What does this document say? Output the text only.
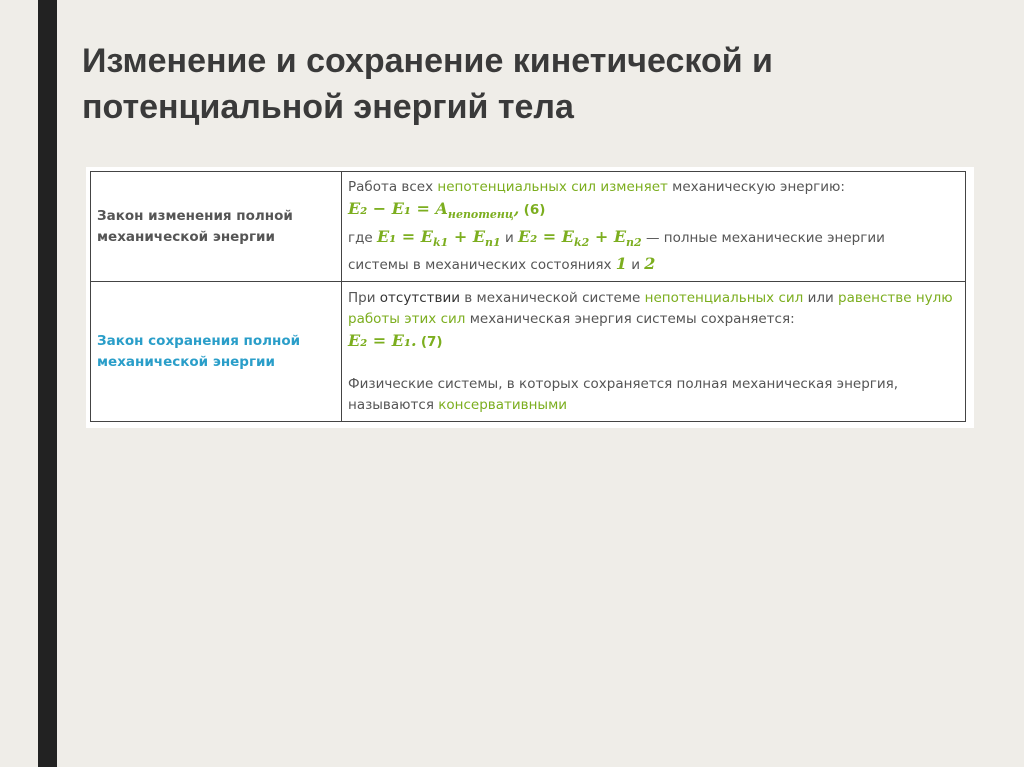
Изменение и сохранение кинетической и потенциальной энергий тела
Закон изменения полной механической энергии	Работа всех непотенциальных сил изменяет механическую энергию:
$E_2 - E_1 = A_{непотенц}$, (6)
где $E_1 = E_{k1} + E_{п1}$ и $E_2 = E_{k2} + E_{п2}$ — полные механические энергии
системы в механических состояниях 1 и 2
Закон сохранения полной механической энергии	При отсутствии в механической системе непотенциальных сил или равенстве нулю работы этих сил механическая энергия системы сохраняется:
E₂ = E₁. (7)

Физические системы, в которых сохраняется полная механическая энергия, называются консервативными
